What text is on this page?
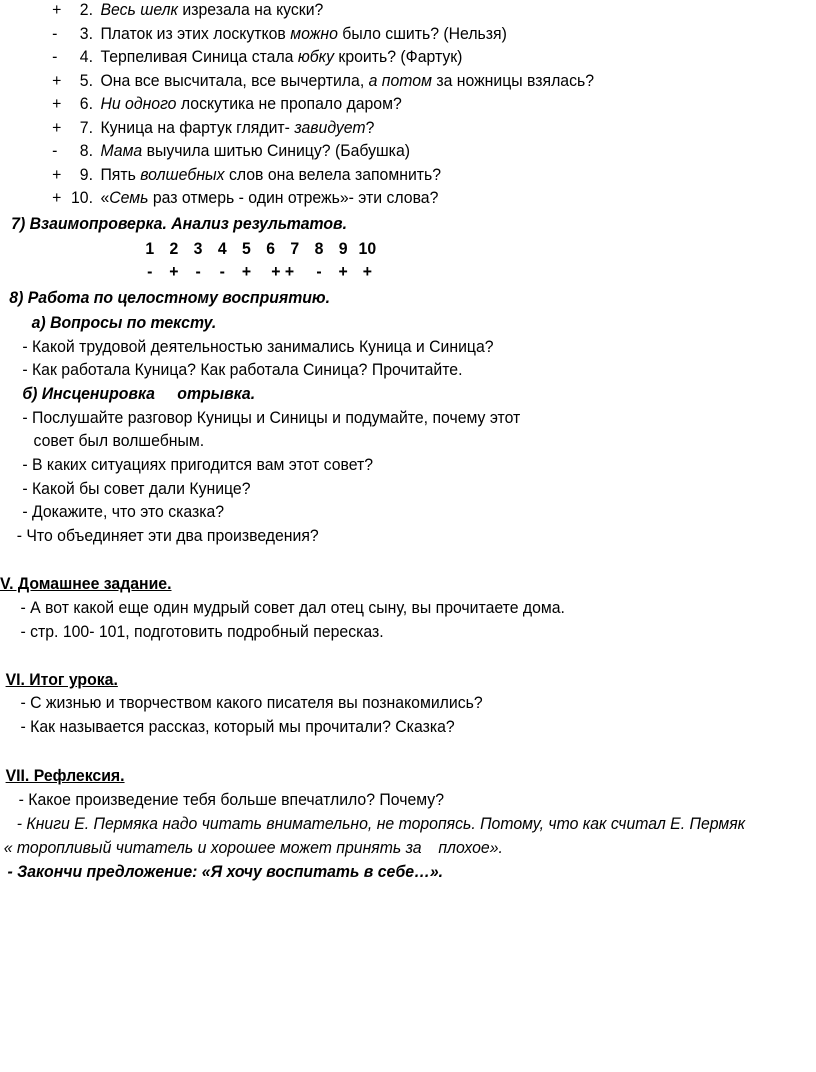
+ 2. Весь шелк изрезала на куски?
- 3. Платок из этих лоскутков можно было сшить? (Нельзя)
- 4. Терпеливая Синица стала юбку кроить? (Фартук)
+ 5. Она все высчитала, все вычертила, а потом за ножницы взялась?
+ 6. Ни одного лоскутика не пропало даром?
+ 7. Куница на фартук глядит- завидует?
- 8. Мама выучила шитью Синицу? (Бабушка)
+ 9. Пять волшебных слов она велела запомнить?
+ 10. «Семь раз отмерь - один отрежь»- эти слова?
7) Взаимопроверка. Анализ результатов.
1 2 3 4 5 6 7 8 9 10
- + - - + + + - + +
8) Работа по целостному восприятию.
а) Вопросы по тексту.
- Какой трудовой деятельностью занимались Куница и Синица?
- Как работала Куница? Как работала Синица? Прочитайте.
б) Инсценировка отрывка.
- Послушайте разговор Куницы и Синицы и подумайте, почему этот
совет был волшебным.
- В каких ситуациях пригодится вам этот совет?
- Какой бы совет дали Кунице?
- Докажите, что это сказка?
- Что объединяет эти два произведения?
V. Домашнее задание.
- А вот какой еще один мудрый совет дал отец сыну, вы прочитаете дома.
- стр. 100- 101, подготовить подробный пересказ.
VI. Итог урока.
- С жизнью и творчеством какого писателя вы познакомились?
- Как называется рассказ, который мы прочитали? Сказка?
VII. Рефлексия.
- Какое произведение тебя больше впечатлило? Почему?
- Книги Е. Пермяка надо читать внимательно, не торопясь. Потому, что как считал Е. Пермяк
« торопливый читатель и хорошее может принять за плохое».
- Закончи предложение: «Я хочу воспитать в себе…».
